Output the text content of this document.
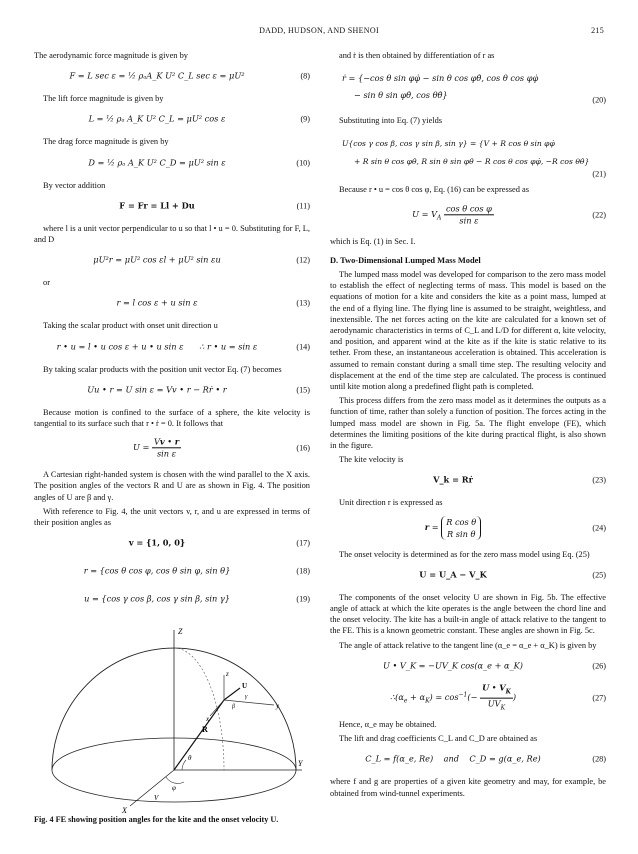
DADD, HUDSON, AND SHENOI	215

The aerodynamic force magnitude is given by

F = L sec ε = ½ ρₐA_K U² C_L sec ε = μU²	(8)

The lift force magnitude is given by

L = ½ ρₐ A_K U² C_L = μU² cos ε	(9)

The drag force magnitude is given by

D = ½ ρₐ A_K U² C_D = μU² sin ε	(10)

By vector addition

F = Fr = Ll + Du	(11)

where l is a unit vector perpendicular to u so that l • u = 0. Substituting for F, L, and D

μU²r = μU² cos εl + μU² sin εu	(12)

or

r = l cos ε + u sin ε	(13)

Taking the scalar product with onset unit direction u

r • u = l • u cos ε + u • u sin ε      ∴ r • u = sin ε	(14)

By taking scalar products with the position unit vector Eq. (7) becomes

Uu • r = U sin ε = Vv • r − Rṙ • r	(15)

Because motion is confined to the surface of a sphere, the kite velocity is tangential to its surface such that r • ṙ = 0. It follows that

$U = \frac{Vv • r}{\text{sin ε}}$	(16)

A Cartesian right-handed system is chosen with the wind parallel to the X axis. The position angles of the vectors R and U are as shown in Fig. 4. The position angles of U are β and γ.

With reference to Fig. 4, the unit vectors v, r, and u are expressed in terms of their position angles as

v = {1, 0, 0}	(17)
r = {cos θ cos φ, cos θ sin φ, sin θ}	(18)
u = {cos γ cos β, cos γ sin β, sin γ}	(19)
Z
z
R
U
x
y
Y
X
θ
φ
γ
β
V
Fig. 4 FE showing position angles for the kite and the onset velocity U.

and ṙ is then obtained by differentiation of r as

ṙ = {−cos θ sin φφ̇ − sin θ cos φθ̇, cos θ cos φφ̇
− sin θ sin φθ̇, cos θθ̇}	(20)

Substituting into Eq. (7) yields

U{cos γ cos β, cos γ sin β, sin γ} = {V + R cos θ sin φφ̇
+ R sin θ cos φθ̇, R sin θ sin φθ̇ − R cos θ cos φφ̇, −R cos θθ̇}
(21)

Because r • u = cos θ cos φ, Eq. (16) can be expressed as

$U = V_A \frac{\text{cos θ cos φ}}{\text{sin ε}}$	(22)

which is Eq. (1) in Sec. I.

D. Two-Dimensional Lumped Mass Model

The lumped mass model was developed for comparison to the zero mass model to establish the effect of neglecting terms of mass. This model is based on the equations of motion for a kite and considers the kite as a point mass, lumped at the end of a flying line. The flying line is assumed to be straight, weightless, and inextensible. The net forces acting on the kite are calculated for a known set of aerodynamic characteristics in terms of C_L and L/D for different α, kite velocity, and position, and apparent wind at the kite as if the kite is static relative to its tether. From these, an instantaneous acceleration is obtained. This acceleration is assumed to remain constant during a small time step. The resulting velocity and displacement at the end of the time step are calculated. The process is continued until kite motion along a predefined flight path is completed.

This process differs from the zero mass model as it determines the outputs as a function of time, rather than solely a function of position. The forces acting in the lumped mass model are shown in Fig. 5a. The flight envelope (FE), which determines the limiting positions of the kite during practical flight, is also shown in the figure.

The kite velocity is

V_k = Rṙ	(23)

Unit direction r is expressed as

r = R cos θ
R sin θ
(24)

The onset velocity is determined as for the zero mass model using Eq. (25)

U = U_A − V_K	(25)

The components of the onset velocity U are shown in Fig. 5b. The effective angle of attack at which the kite operates is the angle between the chord line and the onset velocity. The kite has a built-in angle of attack relative to the tangent to the FE. This is a known geometric constant. These angles are shown in Fig. 5c.

The angle of attack relative to the tangent line (α_e = α_e + α_K) is given by

U • V_K = −UV_K cos(α_e + α_K)	(26)
$\therefore(\alpha_e + \alpha_K) = \cos^{-1}(- \frac{U • V_K}{UV_K}$ )	(27)

Hence, α_e may be obtained.

The lift and drag coefficients C_L and C_D are obtained as

C_L = f(α_e, Re)    and    C_D = g(α_e, Re)	(28)

where f and g are properties of a given kite geometry and may, for example, be obtained from wind-tunnel experiments.
